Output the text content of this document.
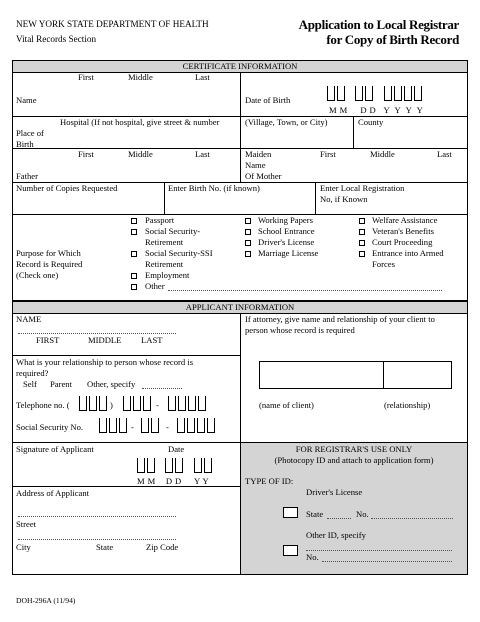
NEW YORK STATE DEPARTMENT OF HEALTH
Vital Records Section
Application to Local Registrar
for Copy of Birth Record
CERTIFICATE INFORMATION
First	Middle	Last
Name	Date of Birth
M M     D D   Y  Y  Y  Y
Hospital (If not hospital, give street & number
Place of
Birth
(Village, Town, or City)	County
First	Middle	Last
Father
Maiden
Name
Of Mother
First	Middle	Last
Number of Copies Requested	Enter Birth No. (if known)	Enter Local Registration
No, if Known
Purpose for Which
Record is Required
(Check one)
Passport
Social Security-
Retirement
Social Security-SSI
Retirement
Employment
Other
Working Papers
School Entrance
Driver's License
Marriage License
Welfare Assistance
Veteran's Benefits
Court Proceeding
Entrance into Armed
Forces
APPLICANT INFORMATION
NAME
FIRST	MIDDLE LAST
If attorney, give name and relationship of your client to
person whose record is required
(name of client)	(relationship)
What is your relationship to person whose record is
required?
Self Parent Other, specify
Telephone no. (	)	-
Social Security No.	-	-
Signature of Applicant	Date
M M    D D     Y Y
Address of Applicant
Street
City	State	Zip Code
FOR REGISTRAR'S USE ONLY
(Photocopy ID and attach to application form)
TYPE OF ID:
Driver's License
State	No.
Other ID, specify
No.
DOH-296A (11/94)
